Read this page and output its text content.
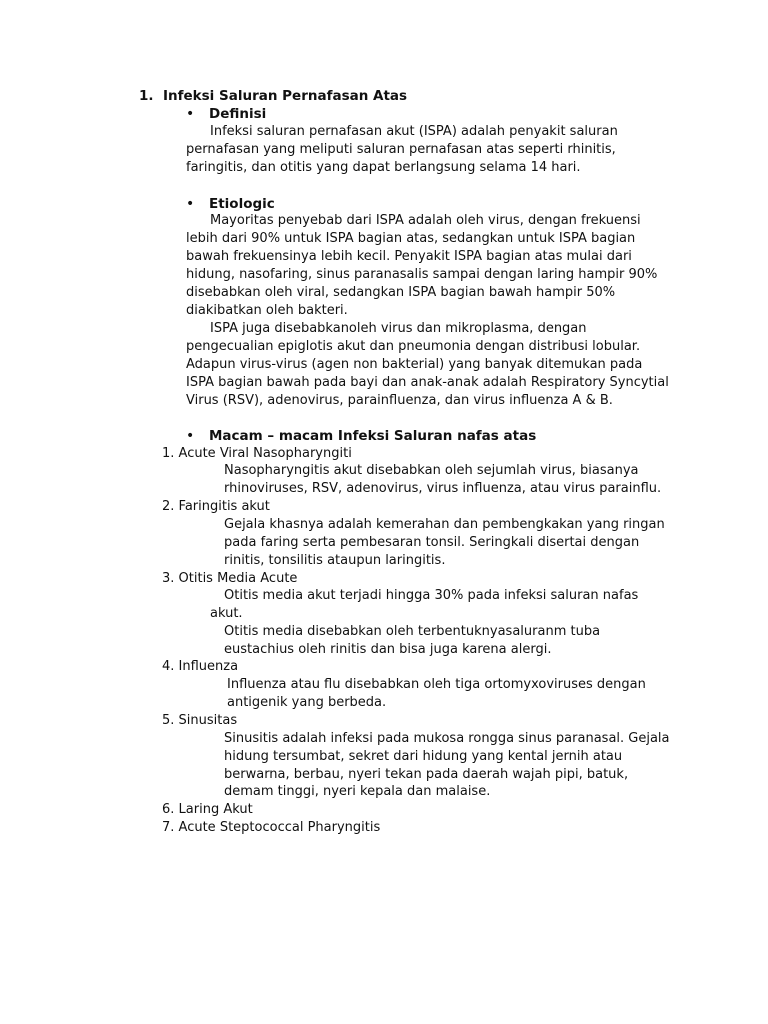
1. Infeksi Saluran Pernafasan Atas
• Definisi
Infeksi saluran pernafasan akut (ISPA) adalah penyakit saluran
pernafasan yang meliputi saluran pernafasan atas seperti rhinitis,
faringitis, dan otitis yang dapat berlangsung selama 14 hari.
• Etiologic
Mayoritas penyebab dari ISPA adalah oleh virus, dengan frekuensi
lebih dari 90% untuk ISPA bagian atas, sedangkan untuk ISPA bagian
bawah frekuensinya lebih kecil. Penyakit ISPA bagian atas mulai dari
hidung, nasofaring, sinus paranasalis sampai dengan laring hampir 90%
disebabkan oleh viral, sedangkan ISPA bagian bawah hampir 50%
diakibatkan oleh bakteri.
ISPA juga disebabkanoleh virus dan mikroplasma, dengan
pengecualian epiglotis akut dan pneumonia dengan distribusi lobular.
Adapun virus-virus (agen non bakterial) yang banyak ditemukan pada
ISPA bagian bawah pada bayi dan anak-anak adalah Respiratory Syncytial
Virus (RSV), adenovirus, parainfluenza, dan virus influenza A & B.
• Macam – macam Infeksi Saluran nafas atas
1. Acute Viral Nasopharyngiti
Nasopharyngitis akut disebabkan oleh sejumlah virus, biasanya
rhinoviruses, RSV, adenovirus, virus influenza, atau virus parainflu.
2. Faringitis akut
Gejala khasnya adalah kemerahan dan pembengkakan yang ringan
pada faring serta pembesaran tonsil. Seringkali disertai dengan
rinitis, tonsilitis ataupun laringitis.
3. Otitis Media Acute
Otitis media akut terjadi hingga 30% pada infeksi saluran nafas
akut.
Otitis media disebabkan oleh terbentuknyasaluranm tuba
eustachius oleh rinitis dan bisa juga karena alergi.
4. Influenza
Influenza atau flu disebabkan oleh tiga ortomyxoviruses dengan
antigenik yang berbeda.
5. Sinusitas
Sinusitis adalah infeksi pada mukosa rongga sinus paranasal. Gejala
hidung tersumbat, sekret dari hidung yang kental jernih atau
berwarna, berbau, nyeri tekan pada daerah wajah pipi, batuk,
demam tinggi, nyeri kepala dan malaise.
6. Laring Akut
7. Acute Steptococcal Pharyngitis
